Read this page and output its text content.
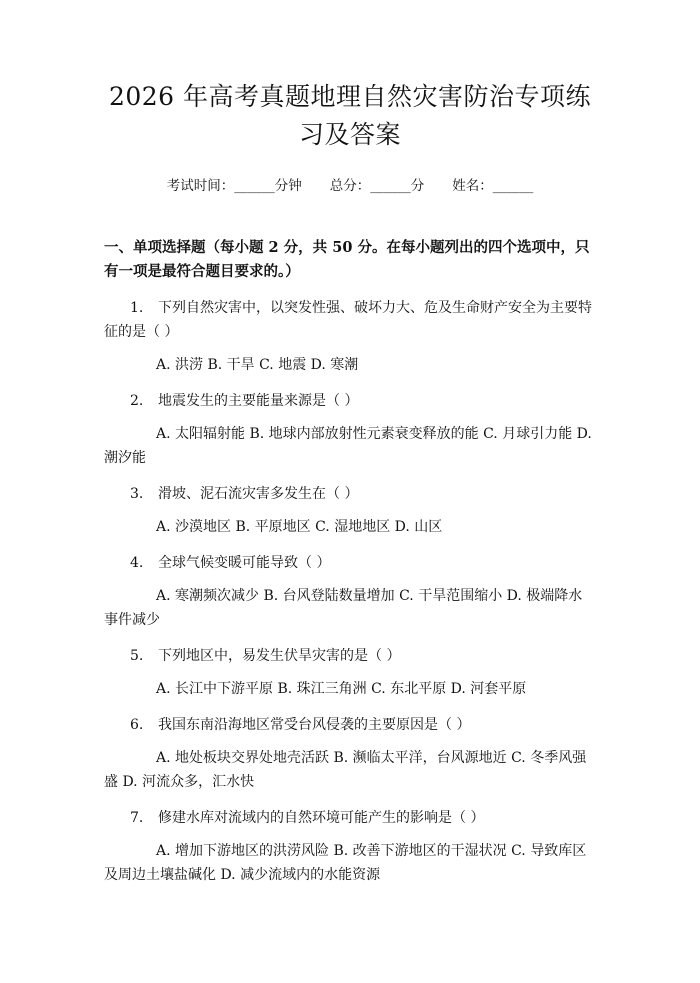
2026 年高考真题地理自然灾害防治专项练习及答案
考试时间：______分钟 总分：______分 姓名：______
一、单项选择题（每小题 2 分，共 50 分。在每小题列出的四个选项中，只有一项是最符合题目要求的。）
1. 下列自然灾害中，以突发性强、破坏力大、危及生命财产安全为主要特征的是（ ）
A. 洪涝 B. 干旱 C. 地震 D. 寒潮
2. 地震发生的主要能量来源是（ ）
A. 太阳辐射能 B. 地球内部放射性元素衰变释放的能 C. 月球引力能 D. 潮汐能
3. 滑坡、泥石流灾害多发生在（ ）
A. 沙漠地区 B. 平原地区 C. 湿地地区 D. 山区
4. 全球气候变暖可能导致（ ）
A. 寒潮频次减少 B. 台风登陆数量增加 C. 干旱范围缩小 D. 极端降水事件减少
5. 下列地区中，易发生伏旱灾害的是（ ）
A. 长江中下游平原 B. 珠江三角洲 C. 东北平原 D. 河套平原
6. 我国东南沿海地区常受台风侵袭的主要原因是（ ）
A. 地处板块交界处地壳活跃 B. 濒临太平洋，台风源地近 C. 冬季风强盛 D. 河流众多，汇水快
7. 修建水库对流域内的自然环境可能产生的影响是（ ）
A. 增加下游地区的洪涝风险 B. 改善下游地区的干湿状况 C. 导致库区及周边土壤盐碱化 D. 减少流域内的水能资源
